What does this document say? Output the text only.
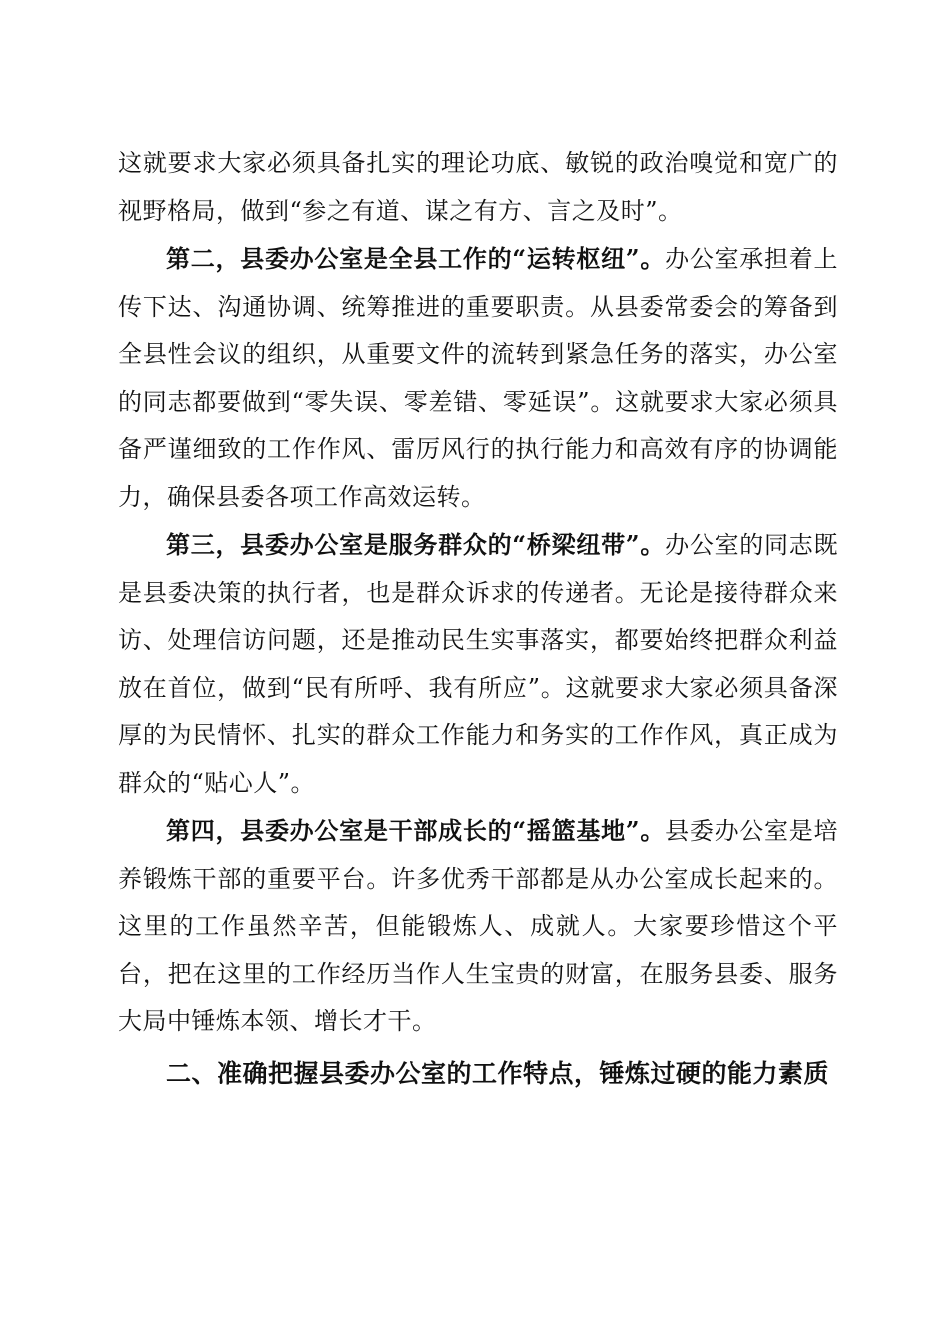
这就要求大家必须具备扎实的理论功底、敏锐的政治嗅觉和宽广的视野格局，做到“参之有道、谋之有方、言之及时”。

第二，县委办公室是全县工作的“运转枢纽”。办公室承担着上传下达、沟通协调、统筹推进的重要职责。从县委常委会的筹备到全县性会议的组织，从重要文件的流转到紧急任务的落实，办公室的同志都要做到“零失误、零差错、零延误”。这就要求大家必须具备严谨细致的工作作风、雷厉风行的执行能力和高效有序的协调能力，确保县委各项工作高效运转。

第三，县委办公室是服务群众的“桥梁纽带”。办公室的同志既是县委决策的执行者，也是群众诉求的传递者。无论是接待群众来访、处理信访问题，还是推动民生实事落实，都要始终把群众利益放在首位，做到“民有所呼、我有所应”。这就要求大家必须具备深厚的为民情怀、扎实的群众工作能力和务实的工作作风，真正成为群众的“贴心人”。

第四，县委办公室是干部成长的“摇篮基地”。县委办公室是培养锻炼干部的重要平台。许多优秀干部都是从办公室成长起来的。这里的工作虽然辛苦，但能锻炼人、成就人。大家要珍惜这个平台，把在这里的工作经历当作人生宝贵的财富，在服务县委、服务大局中锤炼本领、增长才干。

二、准确把握县委办公室的工作特点，锤炼过硬的能力素质
